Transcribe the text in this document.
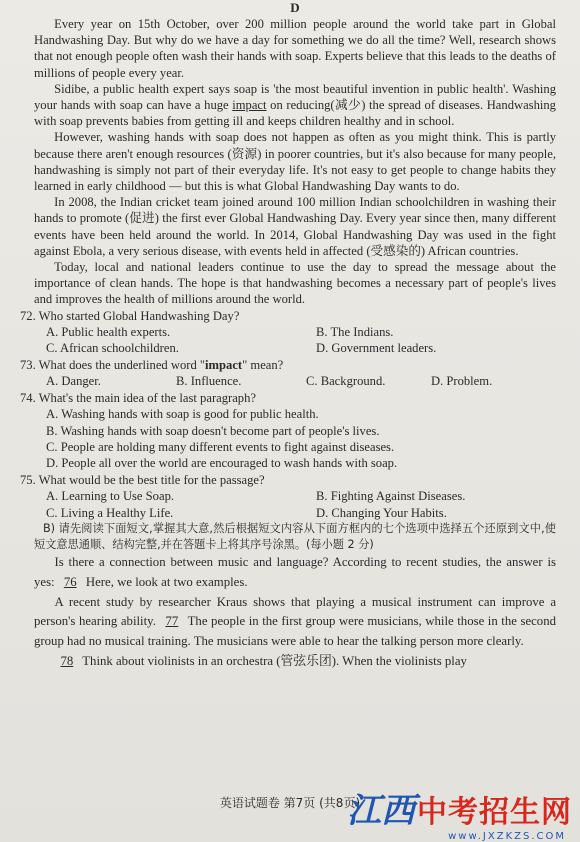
D

Every year on 15th October, over 200 million people around the world take part in Global Handwashing Day. But why do we have a day for something we do all the time? Well, research shows that not enough people often wash their hands with soap. Experts believe that this leads to the deaths of millions of people every year.

Sidibe, a public health expert says soap is 'the most beautiful invention in public health'. Washing your hands with soap can have a huge impact on reducing(减少) the spread of diseases. Handwashing with soap prevents babies from getting ill and keeps children healthy and in school.

However, washing hands with soap does not happen as often as you might think. This is partly because there aren't enough resources (资源) in poorer countries, but it's also because for many people, handwashing is simply not part of their everyday life. It's not easy to get people to change habits they learned in early childhood — but this is what Global Handwashing Day wants to do.

In 2008, the Indian cricket team joined around 100 million Indian schoolchildren in washing their hands to promote (促进) the first ever Global Handwashing Day. Every year since then, many different events have been held around the world. In 2014, Global Handwashing Day was used in the fight against Ebola, a very serious disease, with events held in affected (受感染的) African countries.

Today, local and national leaders continue to use the day to spread the message about the importance of clean hands. The hope is that handwashing becomes a necessary part of people's lives and improves the health of millions around the world.

72. Who started Global Handwashing Day?

A. Public health experts.	B. The Indians.
C. African schoolchildren.	D. Government leaders.

73. What does the underlined word "impact" mean?

A. Danger.	B. Influence.	C. Background.	D. Problem.

74. What's the main idea of the last paragraph?

A. Washing hands with soap is good for public health.

B. Washing hands with soap doesn't become part of people's lives.

C. People are holding many different events to fight against diseases.

D. People all over the world are encouraged to wash hands with soap.

75. What would be the best title for the passage?

A. Learning to Use Soap.	B. Fighting Against Diseases.
C. Living a Healthy Life.	D. Changing Your Habits.

B) 请先阅读下面短文,掌握其大意,然后根据短文内容从下面方框内的七个选项中选择五个还原到文中,使短文意思通顺、结构完整,并在答题卡上将其序号涂黑。(每小题 2 分)

Is there a connection between music and language? According to recent studies, the answer is yes: 76 Here, we look at two examples.

A recent study by researcher Kraus shows that playing a musical instrument can improve a person's hearing ability. 77 The people in the first group were musicians, while those in the second group had no musical training. The musicians were able to hear the talking person more clearly.

78 Think about violinists in an orchestra (管弦乐团). When the violinists play

英语试题卷 第7页 (共8页)
江西中考招生网
www.JXZKZS.COM
